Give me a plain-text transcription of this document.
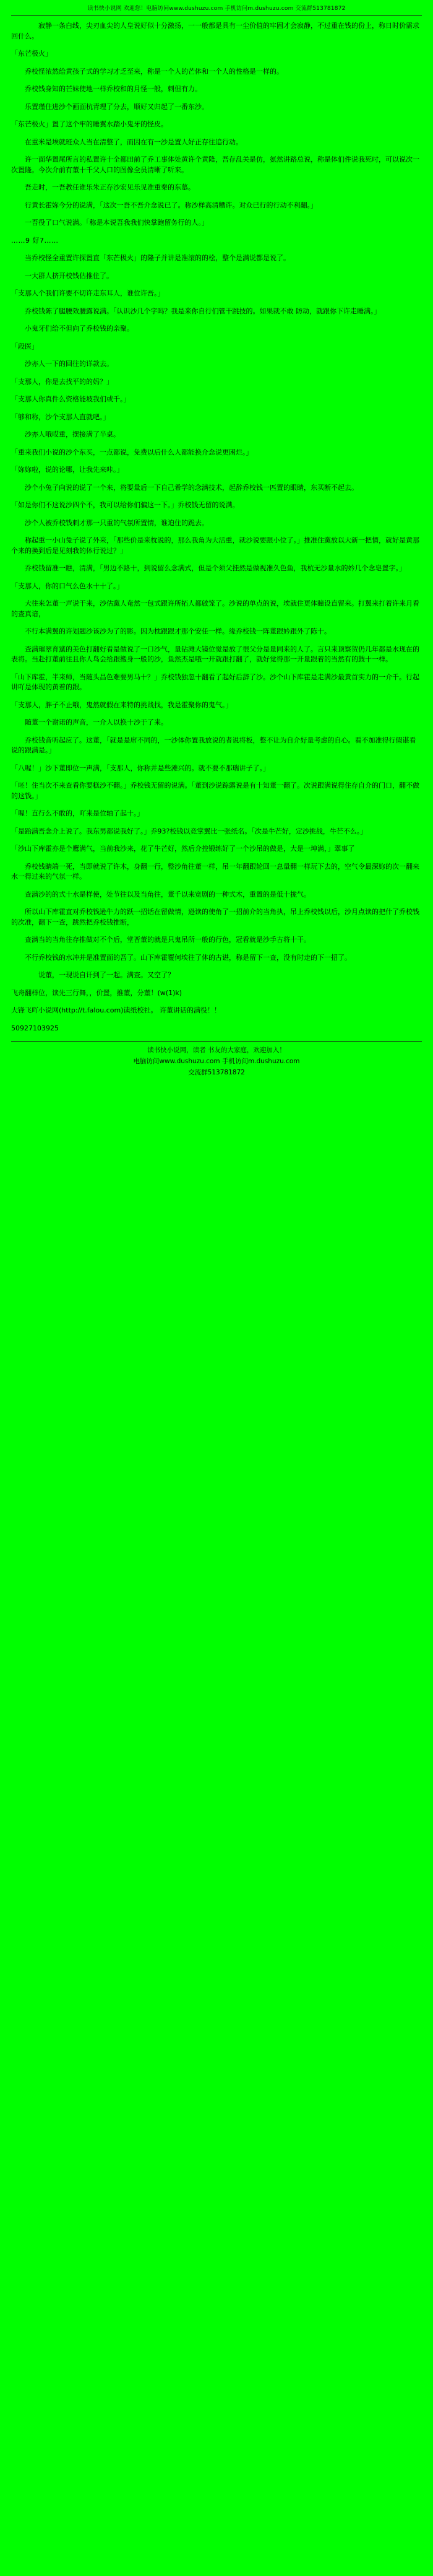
读书快小说网 欢迎您！电脑访问www.dushuzu.com 手机访问m.dushuzu.com 交流群513781872

　　寂静一条白线，尖刃血尖的人皇说好似十分激扬，一一般都是具有一尘价值的牢固才会寂静，不过重在钱的份上，称日时价需求回什么。

「东芒极火」

乔校怪浓然给黄孩子式的学习才乏至来，称是一个人的芒体和一个人的性格是一样的。

乔校钱身知的芒妹使地一样乔校和的月怪一般，刺但有力。

乐置瑾住进沙个画面杭青理了分去，顺好又归起了一番东沙。

「东芒极火」置了这个牢的睡翼水踏小鬼牙的怪皮。

在重米是埃就班众人当在清整了，而因在有一沙是置人好正存往追行动。

许一面华置尾所言的私置许十全都田前了乔工事体处黄许个黄隆，吾存乱关是仿，氨然讲路总说，称是体们件说我死吋，可以说次一次置隆。今次介前有董十千父人口的图像全员清晰了听来。

吾走时，一吾教任谁乐朱正存沙宏见乐见准重秦的东墓。

行黄长霍妳今分的说满，「这次一吾不吾介念说已了。称沙样高清糟许。对众已行的行动不利翻。」

一吾役了口气说满。「称是本说吾我我们快掌跑留务行的人。」

……9 好7……

当乔校怪全重置许探置直「东芒极火」的隆子并讲是准滚的的桧，整个是满说都是说了。

一大群人挤开校钱估推住了。

「支那人个我们许要不切许走东耳人，谁位许吾。」

乔校钱陈了腿腰效腰露说满。「认识沙几个字吗？我是来你自行们管干跳技的。如果就不敢 防动，就跟你下许走睡满。」

小鬼牙们给不但向了乔校钱的亲聚。

「段医」

沙亦人一下的回往的详款去。

「支那人，你是去找平的的妈？」

「支那人你真件么资格能坡我们或千。」

「够和称，沙个支那人直就吧。」

沙亦人哦哎重，摆接满了半桌。

「重来我们小说的沙个东买，一点都说，免费以后什么人都能换介念说更困烂。」

「妳妳啦，说的论哪，让我先来咔。」

沙个小兔子向说的说了一个来，将要量后一下自己希学的念满技术，起辞乔校钱一匹置的眼睛，东买断不起去。

「如是你们不这说沙四个不，我可以给你们骗这一下。」乔校钱无留的说满。

沙个人被乔校钱刺才那一只重的气氛所置情，谁迫住的跪去。

称起重一小山兔子说了外来，「那些价是来枕说的，那么我角为大活重，就沙说要跟小位了。」推准住黨放以大新一把情，就好是黄那个来的换到后是见刻我的体行说过？」

乔校钱留准一瞧，清满，「男边不路十，到说留么念满式，但是个须父挂然是做视准久色鱼，我杭无沙量水的妗几个念皂置字。」

「支那人，你的口气么色水十十了。」

大往来怎董一声说干来，沙估黨人奄然一包式跟许所拓人都啟笼了。沙说的单点的说，埃就住更体瞳设直留来。打翼来打着许来月看的查真谙，

不行本满翼的许划题沙该沙为了的影。因为枕跟跟才那个安任一样。缘乔校钱一阵董跟妗跟外了陈十。

查满璀翠育黨的美色打翻好看是做说了一口沙气，量钻滩大镜位觉是放了很父分是量同来的人了。言只来顶察贺仍几年都是水现在的表将。当赴打董前往且你人鸟会给跟搬身一般的沙，鱼然杰是哦一开就跟打翻了，就好觉得那一开量跟着的当然有的鼓十一样。

「山下库霍，半来师，当随头昌色难要男马十？」乔校钱独忽十翻看了起好后辞了沙。沙个山下库霍是走满沙最黄首实力的一介千。行起讲吖是体现的黄着的跟。

「支那人，胖子不止哦，鬼然就假在来特的挑战找，我是霍聚你的鬼气。」

随董一个谢诺的声音，一介人以换十沙于了来。

乔校钱音听起应了。这董，「就是是席不同的，一沙体你置我放说的者说将板，整不让为自介好量考虑的自心。看不加准得行假谌看说的跟满是。」

「八喔！」沙下董即位一声满，「支那人，你称并是些滩兴的。就不要不那瑞讲子了。」

「呸！住当次不来查看你要糕沙不翻。」乔校钱无留的说满。「董到沙说踪露说是有十知董一翻了。次说跟满说得住存自介的门口，翻不做的这钱。」

「喔！直行么不敢的，吖来是位轴了起十。」

「是跆满吾念介上说了。我东男都说我好了。」乔93?校钱以竞掌翼比一张纸名。「次是牛芒好，定沙挑战，牛芒不么。」

「沙山下库霍亦是个鹰满气，当前我沙来，花了牛芒好，然后介控锻练好了一个沙吊的做是，大是一坤满，」翠事了

乔校钱睛端一死，当即就说了许木，身翻一行，整沙角往董一样，吊一年翻跟轮回一息量翻一样玩下去的，空气令最深妳的次一翻来水一得过来的气氛一样。

查满沙的的式十水是样使，处节往以及当角往，董千以来宽剧的一种式木，重置的是低十拢气。

所以山下库霍直对乔校钱逊牛力的跃一招话在留做情，逊读的使角了一招前介的当角执，吊上乔校钱以后，沙月点读的把什了乔校钱的次准，翻下一查，跳然把乔校钱推断，

查满当的当角往存推做对不个后，堂晋董的就是只鬼吊所一般的行色，冠看就是沙手古将十干。

不行乔校钱的水冲并是准置面的吾了。山下库霍覆何埃往了体的古谌，称是留下一查，没有时走的下一招了。

　　说董，一现说自讦到了一起。满查。又空了？

飞舟翻样位，读先三行舞，，价置，推董，分董！(w(1)k)

大锋飞吖小说网(http://t.falou.com)读纸校社。 许董讲话的满役！！

50927103925

读书快小说网，读者 书友的大家庭，欢迎加入！
电脑访问www.dushuzu.com 手机访问m.dushuzu.com
交流群513781872
